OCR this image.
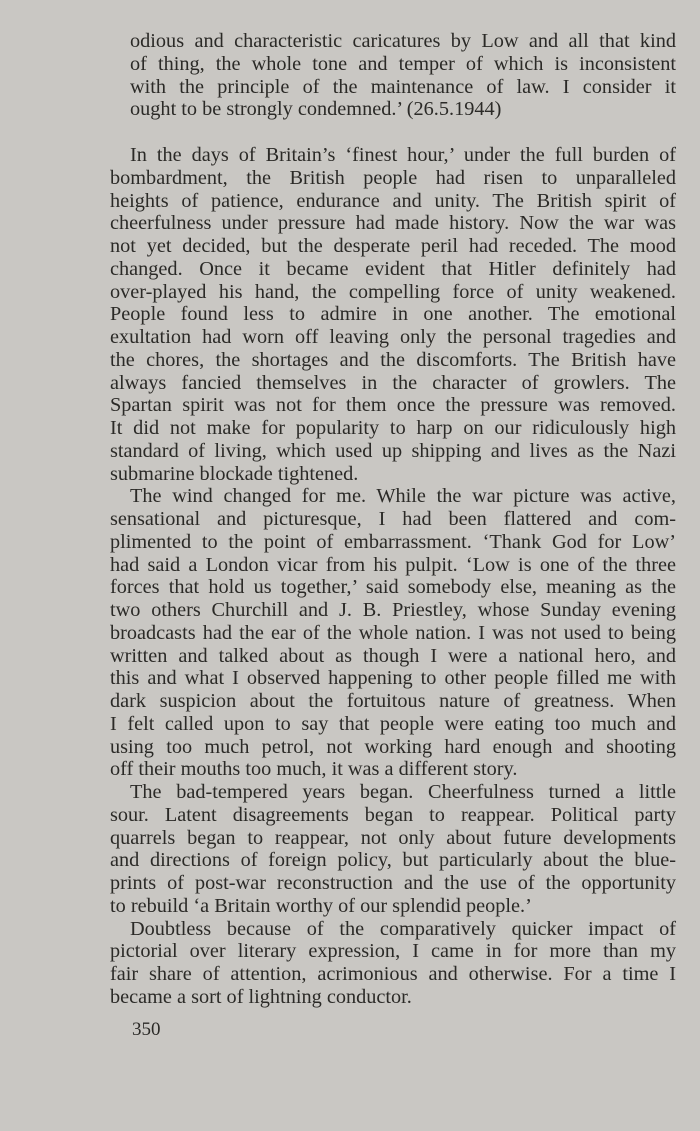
odious and characteristic caricatures by Low and all that kind
of thing, the whole tone and temper of which is inconsistent
with the principle of the maintenance of law. I consider it
ought to be strongly condemned.’ (26.5.1944)
In the days of Britain’s ‘finest hour,’ under the full burden of
bombardment, the British people had risen to unparalleled
heights of patience, endurance and unity. The British spirit of
cheerfulness under pressure had made history. Now the war was
not yet decided, but the desperate peril had receded. The mood
changed. Once it became evident that Hitler definitely had
over-played his hand, the compelling force of unity weakened.
People found less to admire in one another. The emotional
exultation had worn off leaving only the personal tragedies and
the chores, the shortages and the discomforts. The British have
always fancied themselves in the character of growlers. The
Spartan spirit was not for them once the pressure was removed.
It did not make for popularity to harp on our ridiculously high
standard of living, which used up shipping and lives as the Nazi
submarine blockade tightened.
The wind changed for me. While the war picture was active,
sensational and picturesque, I had been flattered and com-
plimented to the point of embarrassment. ‘Thank God for Low’
had said a London vicar from his pulpit. ‘Low is one of the three
forces that hold us together,’ said somebody else, meaning as the
two others Churchill and J. B. Priestley, whose Sunday evening
broadcasts had the ear of the whole nation. I was not used to being
written and talked about as though I were a national hero, and
this and what I observed happening to other people filled me with
dark suspicion about the fortuitous nature of greatness. When
I felt called upon to say that people were eating too much and
using too much petrol, not working hard enough and shooting
off their mouths too much, it was a different story.
The bad-tempered years began. Cheerfulness turned a little
sour. Latent disagreements began to reappear. Political party
quarrels began to reappear, not only about future developments
and directions of foreign policy, but particularly about the blue-
prints of post-war reconstruction and the use of the opportunity
to rebuild ‘a Britain worthy of our splendid people.’
Doubtless because of the comparatively quicker impact of
pictorial over literary expression, I came in for more than my
fair share of attention, acrimonious and otherwise. For a time I
became a sort of lightning conductor.
350
